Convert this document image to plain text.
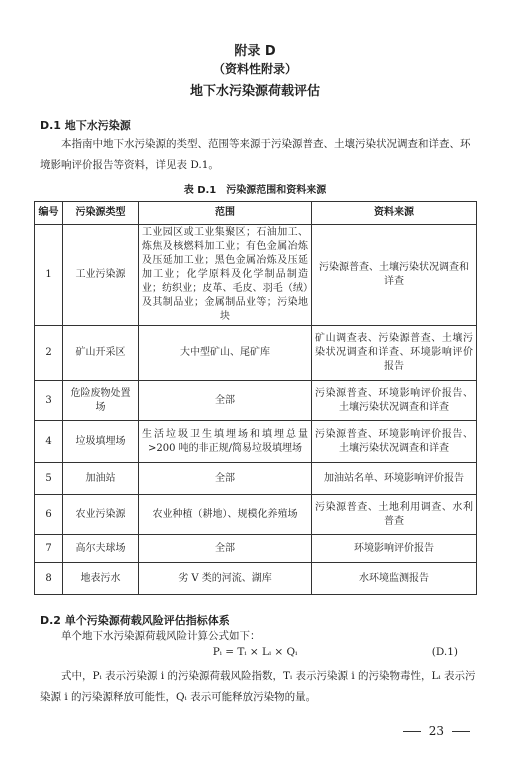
附录 D
（资料性附录）
地下水污染源荷载评估
D.1 地下水污染源
本指南中地下水污染源的类型、范围等来源于污染源普查、土壤污染状况调查和详查、环境影响评价报告等资料，详见表 D.1。
表 D.1　污染源范围和资料来源
编号	污染源类型	范围	资料来源
1	工业污染源	工业园区或工业集聚区；石油加工、炼焦及核燃料加工业；有色金属冶炼及压延加工业；黑色金属冶炼及压延加工业；化学原料及化学制品制造业；纺织业；皮革、毛皮、羽毛（绒）及其制品业；金属制品业等；污染地块	污染源普查、土壤污染状况调查和详查
2	矿山开采区	大中型矿山、尾矿库	矿山调查表、污染源普查、土壤污染状况调查和详查、环境影响评价报告
3	危险废物处置场	全部	污染源普查、环境影响评价报告、土壤污染状况调查和详查
4	垃圾填埋场	生活垃圾卫生填埋场和填埋总量>200 吨的非正规/简易垃圾填埋场	污染源普查、环境影响评价报告、土壤污染状况调查和详查
5	加油站	全部	加油站名单、环境影响评价报告
6	农业污染源	农业种植（耕地）、规模化养殖场	污染源普查、土地利用调查、水利普查
7	高尔夫球场	全部	环境影响评价报告
8	地表污水	劣 V 类的河流、湖库	水环境监测报告
D.2 单个污染源荷载风险评估指标体系
单个地下水污染源荷载风险计算公式如下：
Pᵢ = Tᵢ × Lᵢ × Qᵢ	(D.1)
式中，Pᵢ 表示污染源 i 的污染源荷载风险指数，Tᵢ 表示污染源 i 的污染物毒性，Lᵢ 表示污染源 i 的污染源释放可能性，Qᵢ 表示可能释放污染物的量。
23
